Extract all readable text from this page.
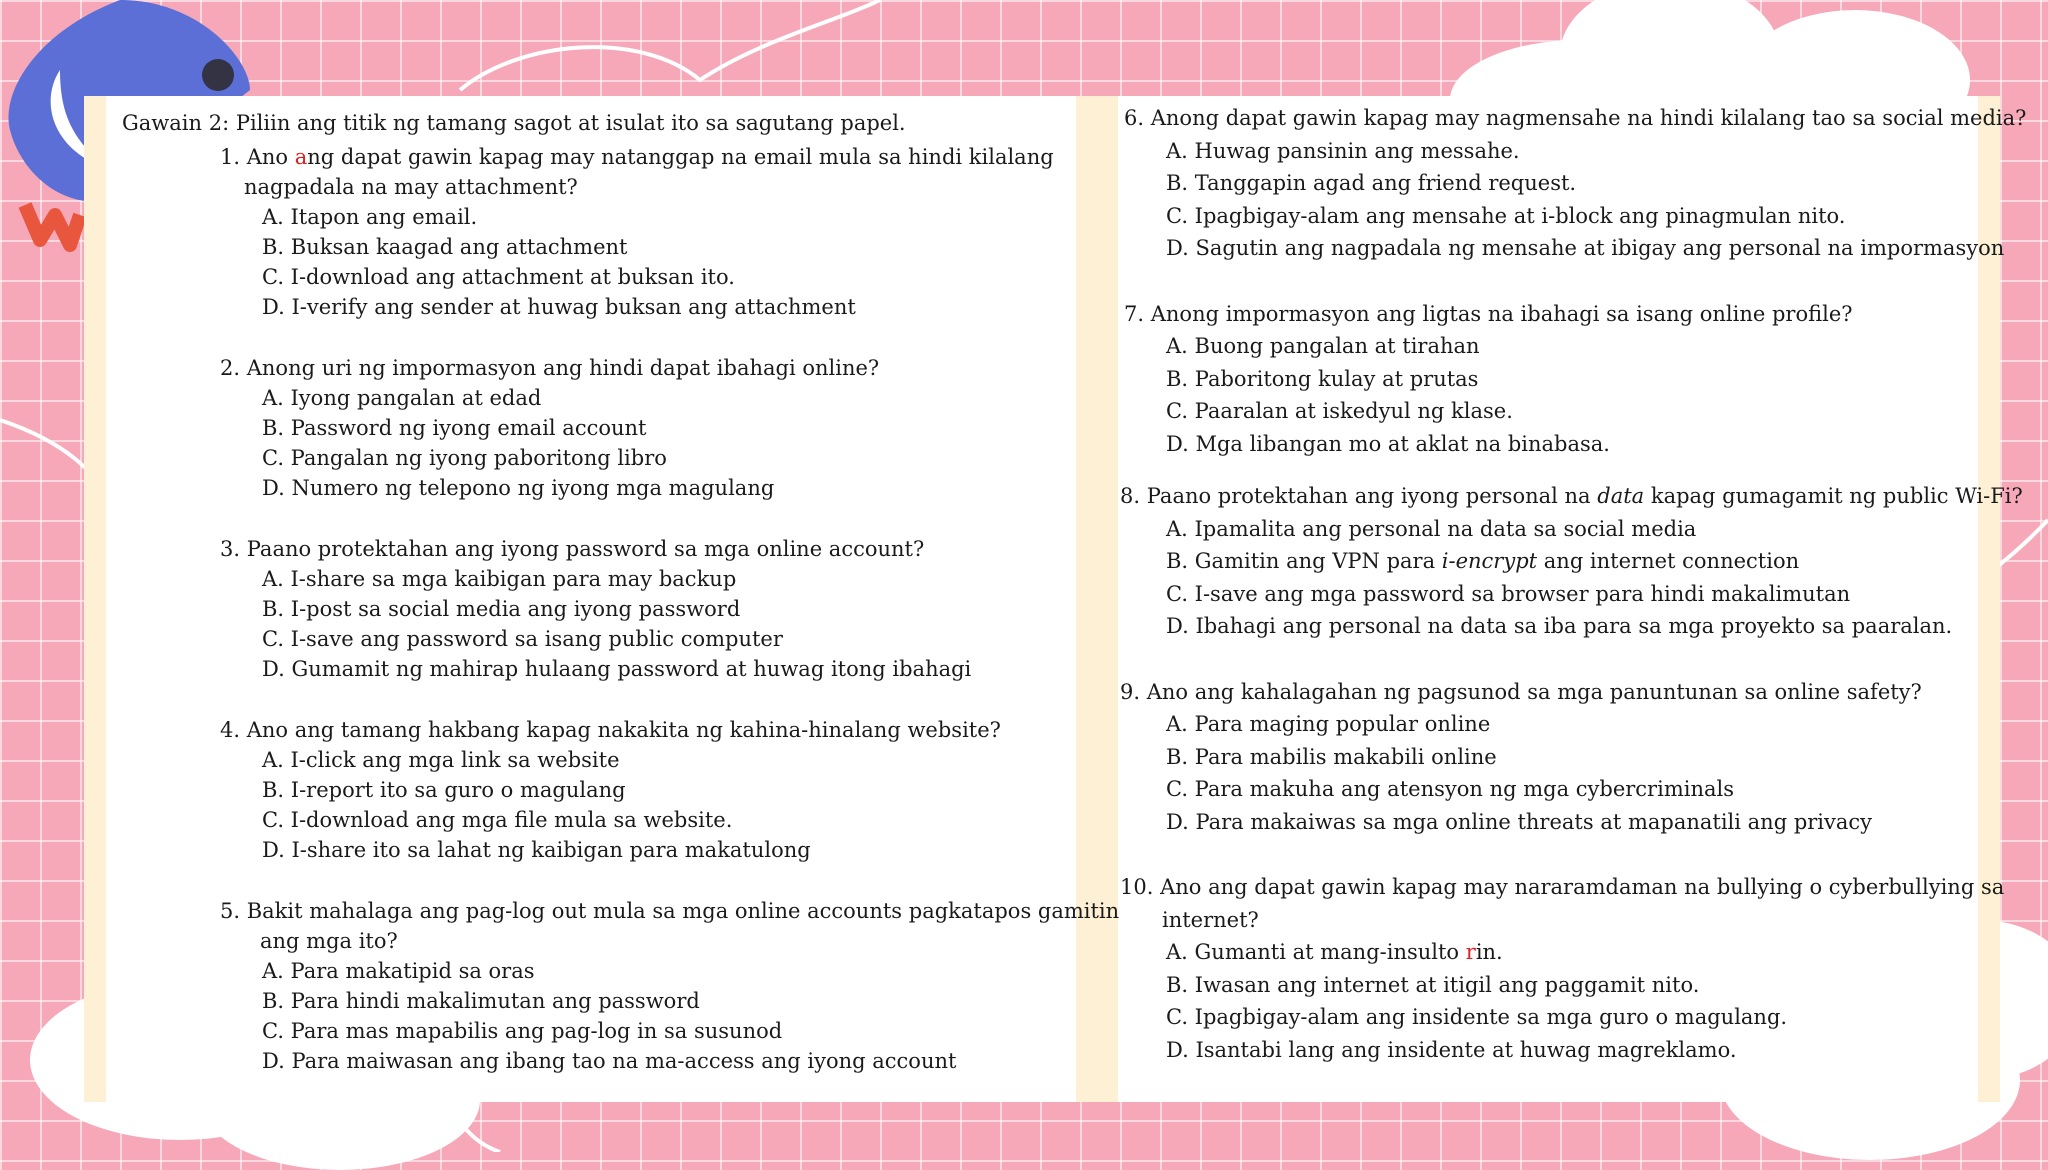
Gawain 2: Piliin ang titik ng tamang sagot at isulat ito sa sagutang papel.
1. Ano ang dapat gawin kapag may natanggap na email mula sa hindi kilalang
nagpadala na may attachment?
A. Itapon ang email.
B. Buksan kaagad ang attachment
C. I-download ang attachment at buksan ito.
D. I-verify ang sender at huwag buksan ang attachment
2. Anong uri ng impormasyon ang hindi dapat ibahagi online?
A. Iyong pangalan at edad
B. Password ng iyong email account
C. Pangalan ng iyong paboritong libro
D. Numero ng telepono ng iyong mga magulang
3. Paano protektahan ang iyong password sa mga online account?
A. I-share sa mga kaibigan para may backup
B. I-post sa social media ang iyong password
C. I-save ang password sa isang public computer
D. Gumamit ng mahirap hulaang password at huwag itong ibahagi
4. Ano ang tamang hakbang kapag nakakita ng kahina-hinalang website?
A. I-click ang mga link sa website
B. I-report ito sa guro o magulang
C. I-download ang mga file mula sa website.
D. I-share ito sa lahat ng kaibigan para makatulong
5. Bakit mahalaga ang pag-log out mula sa mga online accounts pagkatapos gamitin
ang mga ito?
A. Para makatipid sa oras
B. Para hindi makalimutan ang password
C. Para mas mapabilis ang pag-log in sa susunod
D. Para maiwasan ang ibang tao na ma-access ang iyong account
6. Anong dapat gawin kapag may nagmensahe na hindi kilalang tao sa social media?
A. Huwag pansinin ang messahe.
B. Tanggapin agad ang friend request.
C. Ipagbigay-alam ang mensahe at i-block ang pinagmulan nito.
D. Sagutin ang nagpadala ng mensahe at ibigay ang personal na impormasyon
7. Anong impormasyon ang ligtas na ibahagi sa isang online profile?
A. Buong pangalan at tirahan
B. Paboritong kulay at prutas
C. Paaralan at iskedyul ng klase.
D. Mga libangan mo at aklat na binabasa.
8. Paano protektahan ang iyong personal na data kapag gumagamit ng public Wi-Fi?
A. Ipamalita ang personal na data sa social media
B. Gamitin ang VPN para i-encrypt ang internet connection
C. I-save ang mga password sa browser para hindi makalimutan
D. Ibahagi ang personal na data sa iba para sa mga proyekto sa paaralan.
9. Ano ang kahalagahan ng pagsunod sa mga panuntunan sa online safety?
A. Para maging popular online
B. Para mabilis makabili online
C. Para makuha ang atensyon ng mga cybercriminals
D. Para makaiwas sa mga online threats at mapanatili ang privacy
10. Ano ang dapat gawin kapag may nararamdaman na bullying o cyberbullying sa
internet?
A. Gumanti at mang-insulto rin.
B. Iwasan ang internet at itigil ang paggamit nito.
C. Ipagbigay-alam ang insidente sa mga guro o magulang.
D. Isantabi lang ang insidente at huwag magreklamo.
